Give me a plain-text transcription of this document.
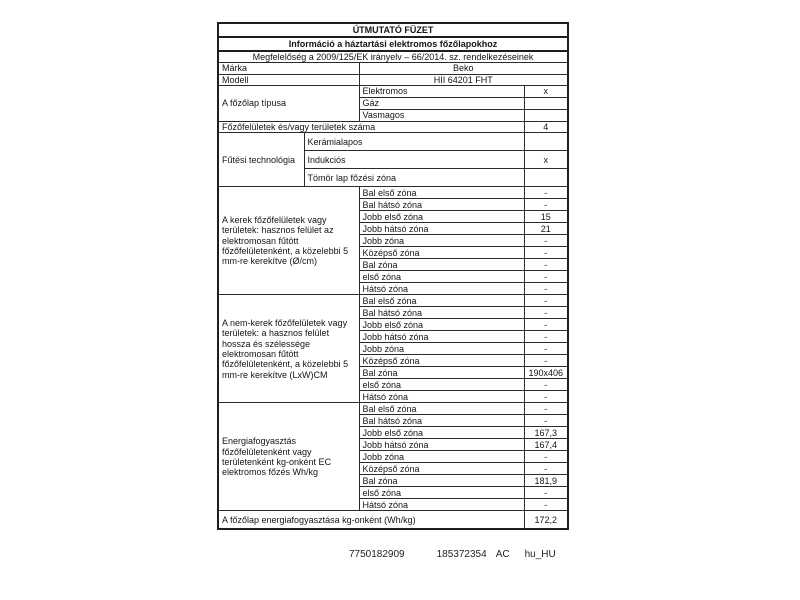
ÚTMUTATÓ FÜZET			
Információ a háztartási elektromos főzőlapokhoz			
Megfelelőség a 2009/125/EK irányelv – 66/2014. sz. rendelkezéseinek			
Márka		Beko	
Modell		HII 64201 FHT	
A főzőlap típusa		Elektromos	x
		Gáz	
		Vasmagos	
Főzőfelületek és/vagy területek száma			4
Fűtési technológia	Kerámialapos		
	Indukciós		x
	Tömör lap főzési zóna		
A kerek főzőfelületek vagy területek: hasznos felület az elektromosan fűtött főzőfelületenként, a közelebbi 5 mm-re kerekítve (Ø/cm)		Bal első zóna	-
		Bal hátsó zóna	-
		Jobb első zóna	15
		Jobb hátsó zóna	21
		Jobb zóna	-
		Középső zóna	-
		Bal zóna	-
		első zóna	-
		Hátsó zóna	-
A nem-kerek főzőfelületek vagy területek: a hasznos felület hossza és szélessége elektromosan fűtött főzőfelületenként, a közelebbi 5 mm-re kerekítve (LxW)CM		Bal első zóna	-
		Bal hátsó zóna	-
		Jobb első zóna	-
		Jobb hátsó zóna	-
		Jobb zóna	-
		Középső zóna	-
		Bal zóna	190x406
		első zóna	-
		Hátsó zóna	-
Energiafogyasztás főzőfelületenként vagy területenként kg-onként EC elektromos főzés Wh/kg		Bal első zóna	-
		Bal hátsó zóna	-
		Jobb első zóna	167,3
		Jobb hátsó zóna	167,4
		Jobb zóna	-
		Középső zóna	-
		Bal zóna	181,9
		első zóna	-
		Hátsó zóna	-
A főzőlap energiafogyasztása kg-onként (Wh/kg)			172,2
7750182909	185372354 AC hu_HU
